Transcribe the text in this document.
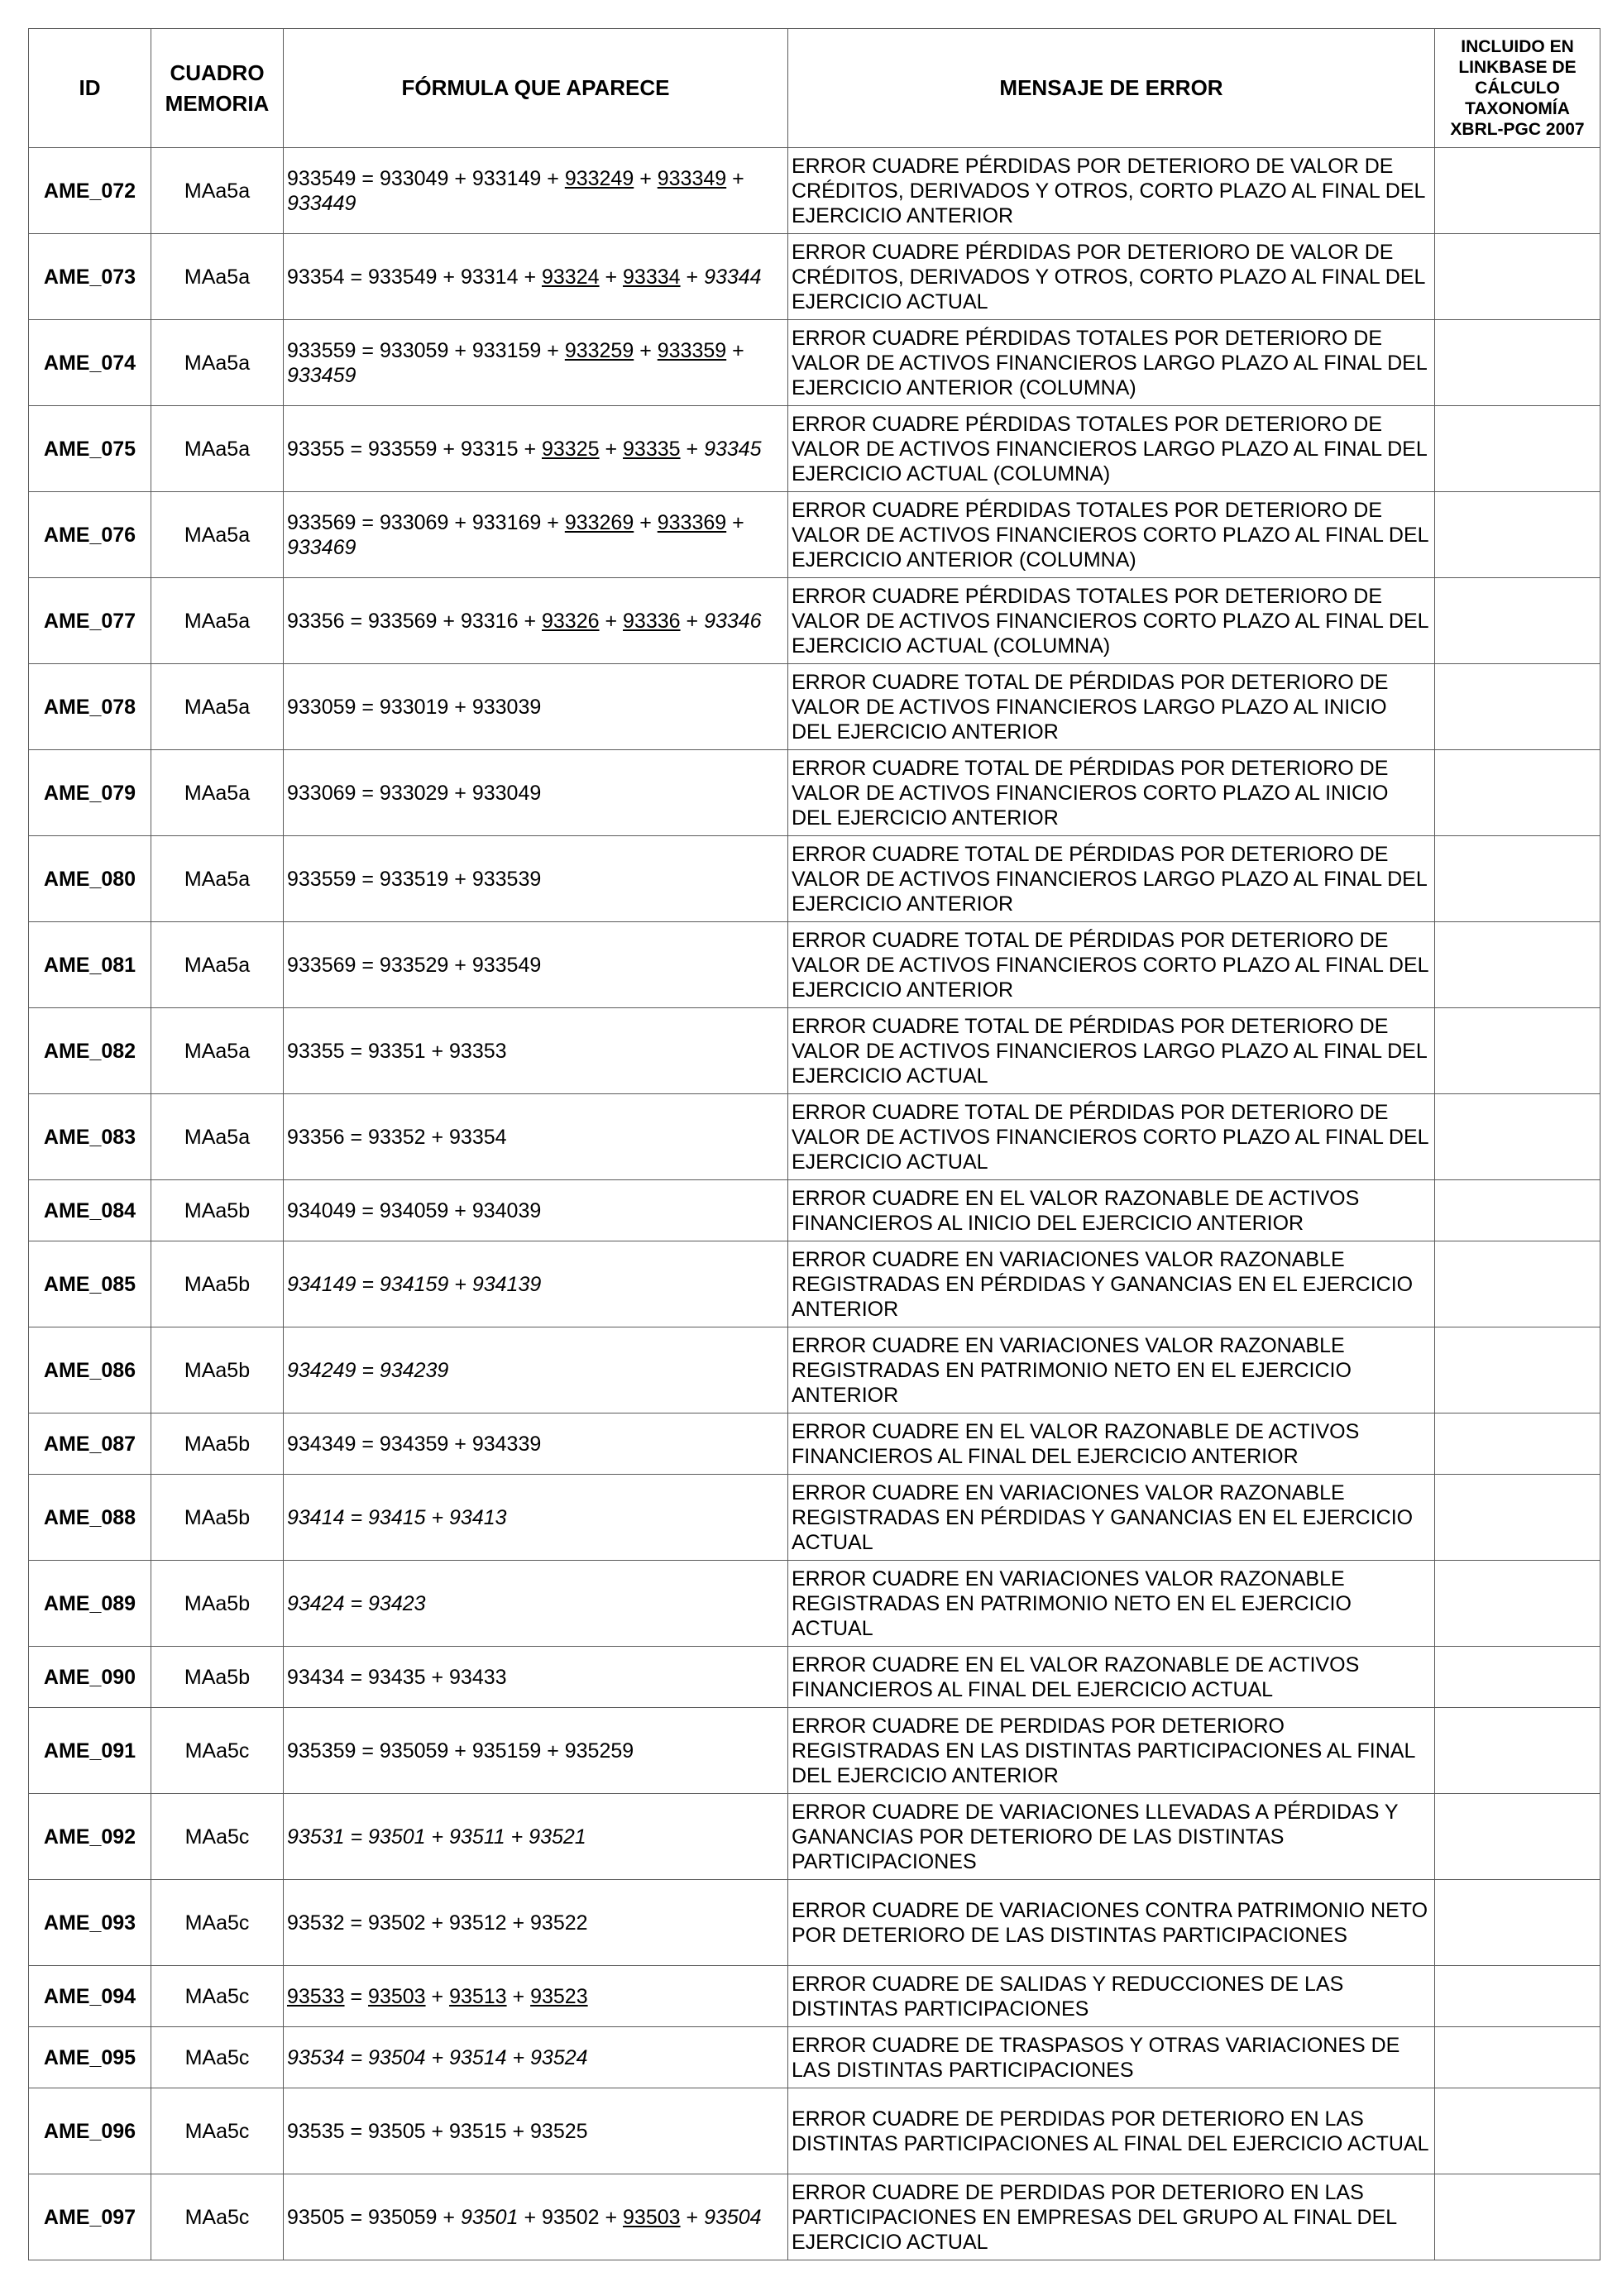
ID	CUADRO MEMORIA	FÓRMULA QUE APARECE	MENSAJE DE ERROR	INCLUIDO EN LINKBASE DE CÁLCULO TAXONOMÍA XBRL-PGC 2007
AME_072	MAa5a	933549 = 933049 + 933149 + 933249 + 933349 + 933449	ERROR CUADRE PÉRDIDAS POR DETERIORO DE VALOR DE CRÉDITOS, DERIVADOS Y OTROS, CORTO PLAZO AL FINAL DEL EJERCICIO ANTERIOR	
AME_073	MAa5a	93354 = 933549 + 93314 + 93324 + 93334 + 93344	ERROR CUADRE PÉRDIDAS POR DETERIORO DE VALOR DE CRÉDITOS, DERIVADOS Y OTROS, CORTO PLAZO AL FINAL DEL EJERCICIO ACTUAL	
AME_074	MAa5a	933559 = 933059 + 933159 + 933259 + 933359 + 933459	ERROR CUADRE PÉRDIDAS TOTALES POR DETERIORO DE VALOR DE ACTIVOS FINANCIEROS LARGO PLAZO AL FINAL DEL EJERCICIO ANTERIOR (COLUMNA)	
AME_075	MAa5a	93355 = 933559 + 93315 + 93325 + 93335 + 93345	ERROR CUADRE PÉRDIDAS TOTALES POR DETERIORO DE VALOR DE ACTIVOS FINANCIEROS LARGO PLAZO AL FINAL DEL EJERCICIO ACTUAL (COLUMNA)	
AME_076	MAa5a	933569 = 933069 + 933169 + 933269 + 933369 + 933469	ERROR CUADRE PÉRDIDAS TOTALES POR DETERIORO DE VALOR DE ACTIVOS FINANCIEROS CORTO PLAZO AL FINAL DEL EJERCICIO ANTERIOR (COLUMNA)	
AME_077	MAa5a	93356 = 933569 + 93316 + 93326 + 93336 + 93346	ERROR CUADRE PÉRDIDAS TOTALES POR DETERIORO DE VALOR DE ACTIVOS FINANCIEROS CORTO PLAZO AL FINAL DEL EJERCICIO ACTUAL (COLUMNA)	
AME_078	MAa5a	933059 = 933019 + 933039	ERROR CUADRE TOTAL DE PÉRDIDAS POR DETERIORO DE VALOR DE ACTIVOS FINANCIEROS LARGO PLAZO AL INICIO DEL EJERCICIO ANTERIOR	
AME_079	MAa5a	933069 = 933029 + 933049	ERROR CUADRE TOTAL DE PÉRDIDAS POR DETERIORO DE VALOR DE ACTIVOS FINANCIEROS CORTO PLAZO AL INICIO DEL EJERCICIO ANTERIOR	
AME_080	MAa5a	933559 = 933519 + 933539	ERROR CUADRE TOTAL DE PÉRDIDAS POR DETERIORO DE VALOR DE ACTIVOS FINANCIEROS LARGO PLAZO AL FINAL DEL EJERCICIO ANTERIOR	
AME_081	MAa5a	933569 = 933529 + 933549	ERROR CUADRE TOTAL DE PÉRDIDAS POR DETERIORO DE VALOR DE ACTIVOS FINANCIEROS CORTO PLAZO AL FINAL DEL EJERCICIO ANTERIOR	
AME_082	MAa5a	93355 = 93351 + 93353	ERROR CUADRE TOTAL DE PÉRDIDAS POR DETERIORO DE VALOR DE ACTIVOS FINANCIEROS LARGO PLAZO AL FINAL DEL EJERCICIO ACTUAL	
AME_083	MAa5a	93356 = 93352 + 93354	ERROR CUADRE TOTAL DE PÉRDIDAS POR DETERIORO DE VALOR DE ACTIVOS FINANCIEROS CORTO PLAZO AL FINAL DEL EJERCICIO ACTUAL	
AME_084	MAa5b	934049 = 934059 + 934039	ERROR CUADRE EN EL VALOR RAZONABLE DE ACTIVOS FINANCIEROS AL INICIO DEL EJERCICIO ANTERIOR	
AME_085	MAa5b	934149 = 934159 + 934139	ERROR CUADRE EN VARIACIONES VALOR RAZONABLE REGISTRADAS EN PÉRDIDAS Y GANANCIAS EN EL EJERCICIO ANTERIOR	
AME_086	MAa5b	934249 = 934239	ERROR CUADRE EN VARIACIONES VALOR RAZONABLE REGISTRADAS EN PATRIMONIO NETO EN EL EJERCICIO ANTERIOR	
AME_087	MAa5b	934349 = 934359 + 934339	ERROR CUADRE EN EL VALOR RAZONABLE DE ACTIVOS FINANCIEROS AL FINAL DEL EJERCICIO ANTERIOR	
AME_088	MAa5b	93414 = 93415 + 93413	ERROR CUADRE EN VARIACIONES VALOR RAZONABLE REGISTRADAS EN PÉRDIDAS Y GANANCIAS EN EL EJERCICIO ACTUAL	
AME_089	MAa5b	93424 = 93423	ERROR CUADRE EN VARIACIONES VALOR RAZONABLE REGISTRADAS EN PATRIMONIO NETO EN EL EJERCICIO ACTUAL	
AME_090	MAa5b	93434 = 93435 + 93433	ERROR CUADRE EN EL VALOR RAZONABLE DE ACTIVOS FINANCIEROS AL FINAL DEL EJERCICIO ACTUAL	
AME_091	MAa5c	935359 = 935059 + 935159 + 935259	ERROR CUADRE DE PERDIDAS POR DETERIORO REGISTRADAS EN LAS DISTINTAS PARTICIPACIONES AL FINAL DEL EJERCICIO ANTERIOR	
AME_092	MAa5c	93531 = 93501 + 93511 + 93521	ERROR CUADRE DE VARIACIONES LLEVADAS A PÉRDIDAS Y GANANCIAS POR DETERIORO DE LAS DISTINTAS PARTICIPACIONES	
AME_093	MAa5c	93532 = 93502 + 93512 + 93522	ERROR CUADRE DE VARIACIONES CONTRA PATRIMONIO NETO POR DETERIORO DE LAS DISTINTAS PARTICIPACIONES	
AME_094	MAa5c	93533 = 93503 + 93513 + 93523	ERROR CUADRE DE SALIDAS Y REDUCCIONES DE LAS DISTINTAS PARTICIPACIONES	
AME_095	MAa5c	93534 = 93504 + 93514 + 93524	ERROR CUADRE DE TRASPASOS Y OTRAS VARIACIONES DE LAS DISTINTAS PARTICIPACIONES	
AME_096	MAa5c	93535 = 93505 + 93515 + 93525	ERROR CUADRE DE PERDIDAS POR DETERIORO EN LAS DISTINTAS PARTICIPACIONES AL FINAL DEL EJERCICIO ACTUAL	
AME_097	MAa5c	93505 = 935059 + 93501 + 93502 + 93503 + 93504	ERROR CUADRE DE PERDIDAS POR DETERIORO EN LAS PARTICIPACIONES EN EMPRESAS DEL GRUPO AL FINAL DEL EJERCICIO ACTUAL	
